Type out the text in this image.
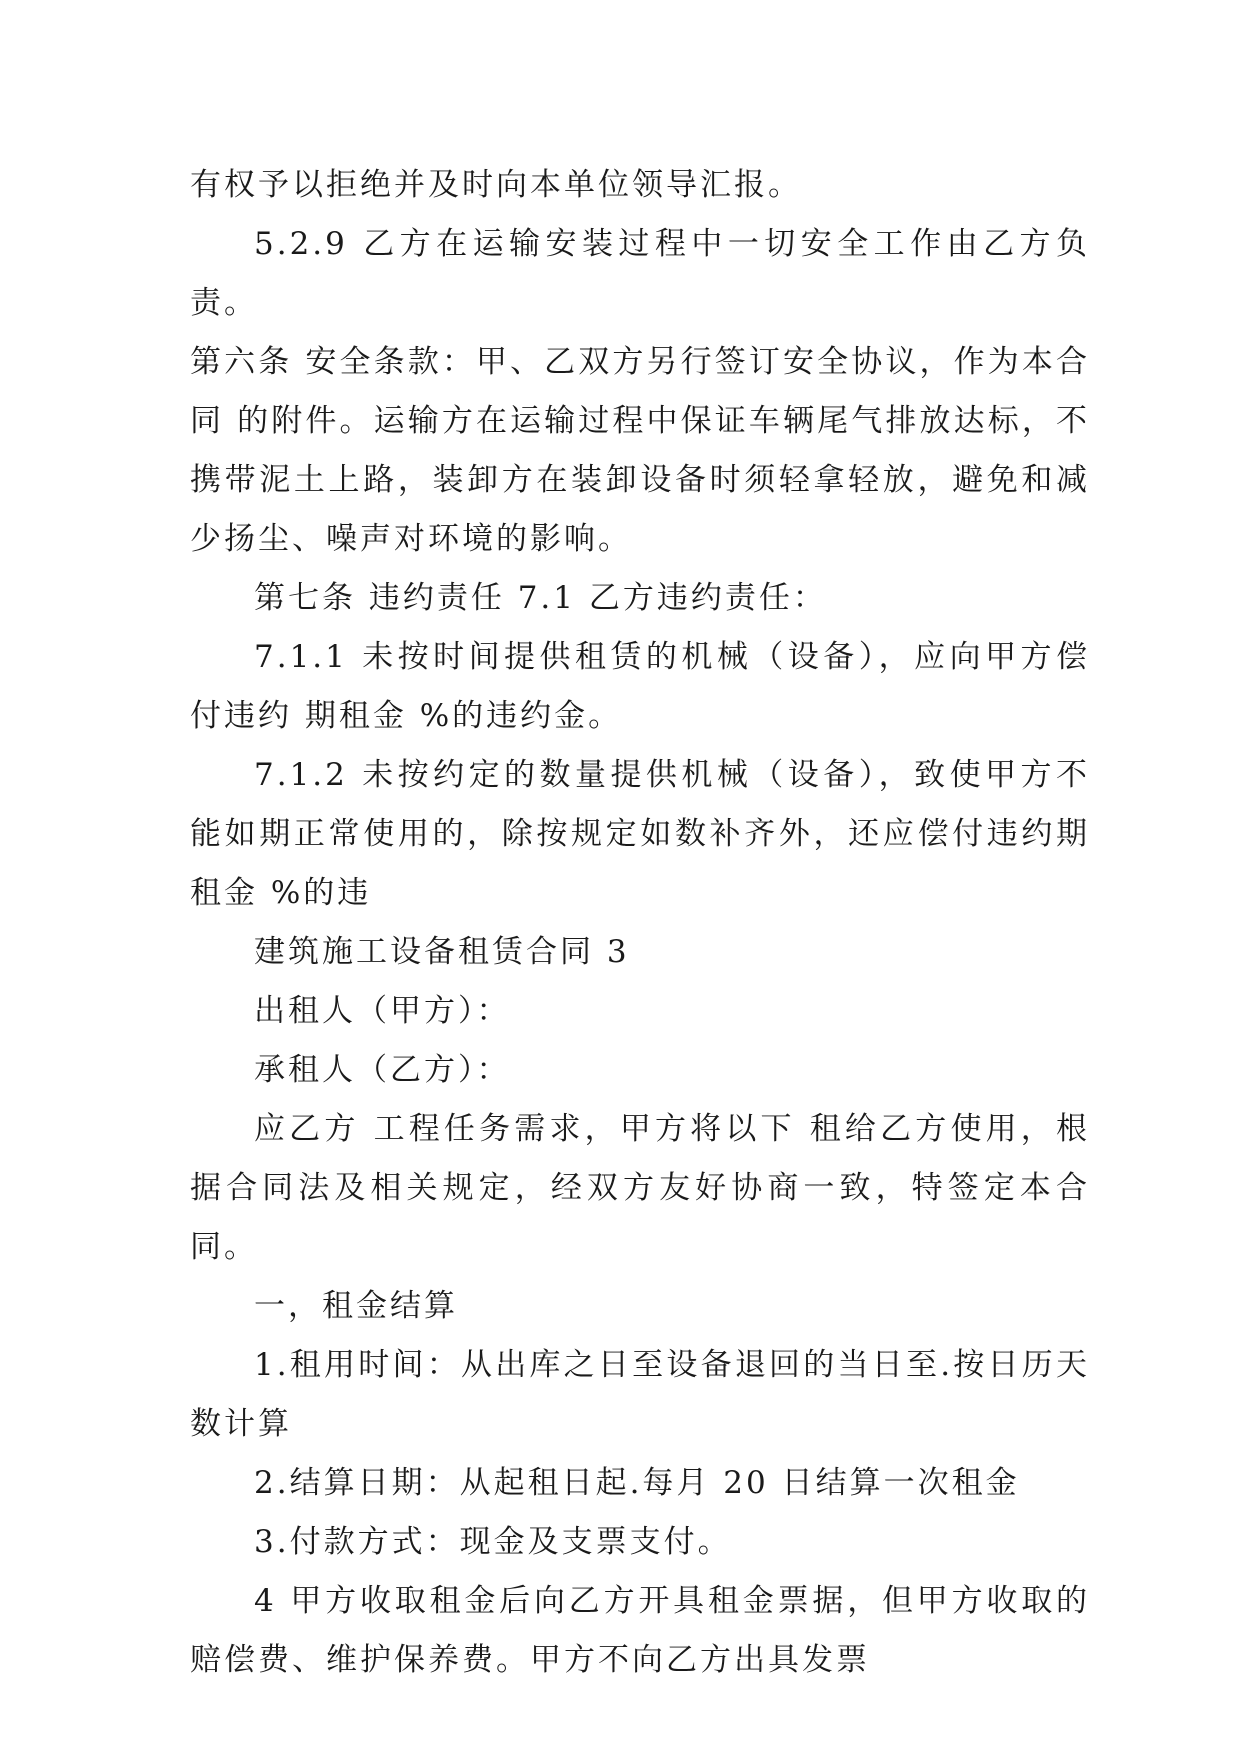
有权予以拒绝并及时向本单位领导汇报。

5.2.9 乙方在运输安装过程中一切安全工作由乙方负责。

第六条 安全条款：甲、乙双方另行签订安全协议，作为本合同 的附件。运输方在运输过程中保证车辆尾气排放达标，不携带泥土上路，装卸方在装卸设备时须轻拿轻放，避免和减少扬尘、噪声对环境的影响。

第七条 违约责任 7.1 乙方违约责任：

7.1.1 未按时间提供租赁的机械（设备），应向甲方偿付违约 期租金 %的违约金。

7.1.2 未按约定的数量提供机械（设备），致使甲方不能如期正常使用的，除按规定如数补齐外，还应偿付违约期租金 %的违

建筑施工设备租赁合同 3

出租人（甲方）：

承租人（乙方）：

应乙方 工程任务需求，甲方将以下 租给乙方使用，根据合同法及相关规定，经双方友好协商一致，特签定本合同。

一，租金结算

1.租用时间：从出库之日至设备退回的当日至.按日历天数计算

2.结算日期：从起租日起.每月 20 日结算一次租金

3.付款方式：现金及支票支付。

4 甲方收取租金后向乙方开具租金票据，但甲方收取的赔偿费、维护保养费。甲方不向乙方出具发票
